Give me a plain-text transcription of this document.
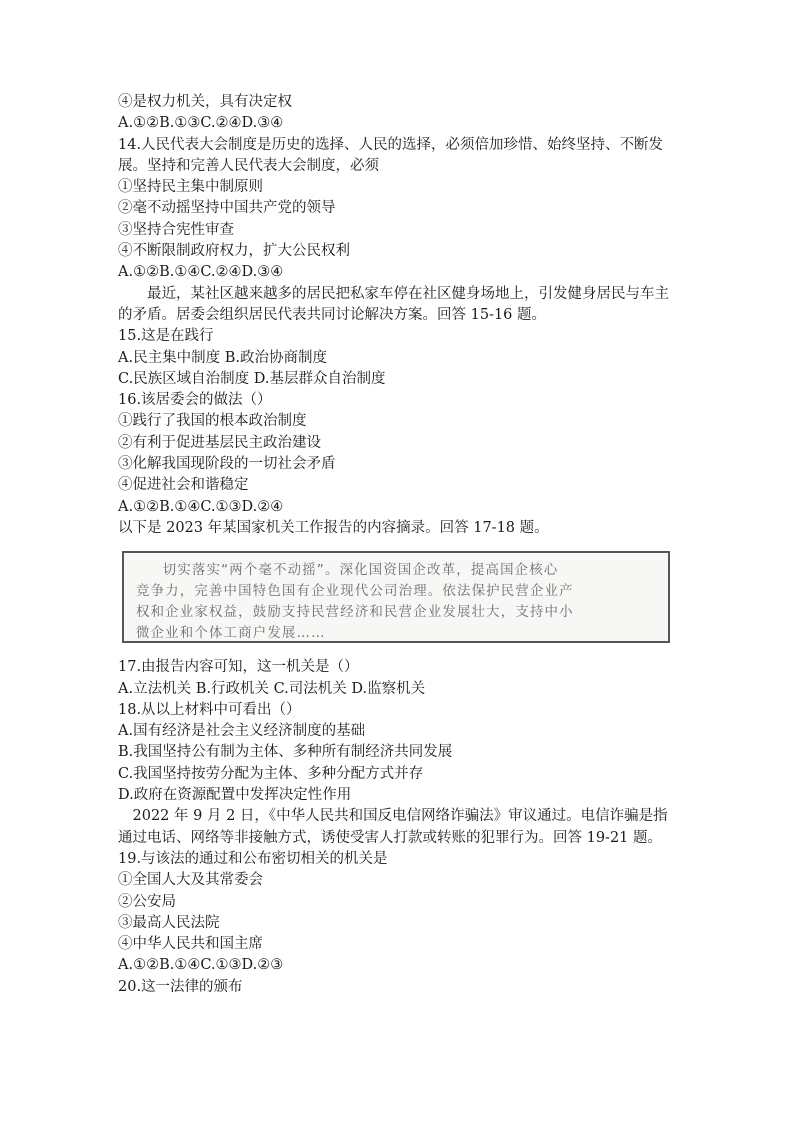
④是权力机关，具有决定权

A.①②B.①③C.②④D.③④

14.人民代表大会制度是历史的选择、人民的选择，必须倍加珍惜、始终坚持、不断发展。坚持和完善人民代表大会制度，必须

①坚持民主集中制原则

②毫不动摇坚持中国共产党的领导

③坚持合宪性审查

④不断限制政府权力，扩大公民权利

A.①②B.①④C.②④D.③④

最近，某社区越来越多的居民把私家车停在社区健身场地上，引发健身居民与车主的矛盾。居委会组织居民代表共同讨论解决方案。回答 15-16 题。

15.这是在践行

A.民主集中制度 B.政治协商制度

C.民族区域自治制度 D.基层群众自治制度

16.该居委会的做法（）

①践行了我国的根本政治制度

②有利于促进基层民主政治建设

③化解我国现阶段的一切社会矛盾

④促进社会和谐稳定

A.①②B.①④C.①③D.②④

以下是 2023 年某国家机关工作报告的内容摘录。回答 17-18 题。

切实落实“两个毫不动摇”。深化国资国企改革，提高国企核心
竞争力，完善中国特色国有企业现代公司治理。依法保护民营企业产
权和企业家权益，鼓励支持民营经济和民营企业发展壮大，支持中小
微企业和个体工商户发展……

17.由报告内容可知，这一机关是（）

A.立法机关 B.行政机关 C.司法机关 D.监察机关

18.从以上材料中可看出（）

A.国有经济是社会主义经济制度的基础

B.我国坚持公有制为主体、多种所有制经济共同发展

C.我国坚持按劳分配为主体、多种分配方式并存

D.政府在资源配置中发挥决定性作用

2022 年 9 月 2 日，《中华人民共和国反电信网络诈骗法》审议通过。电信诈骗是指通过电话、网络等非接触方式，诱使受害人打款或转账的犯罪行为。回答 19-21 题。

19.与该法的通过和公布密切相关的机关是

①全国人大及其常委会

②公安局

③最高人民法院

④中华人民共和国主席

A.①②B.①④C.①③D.②③

20.这一法律的颁布
